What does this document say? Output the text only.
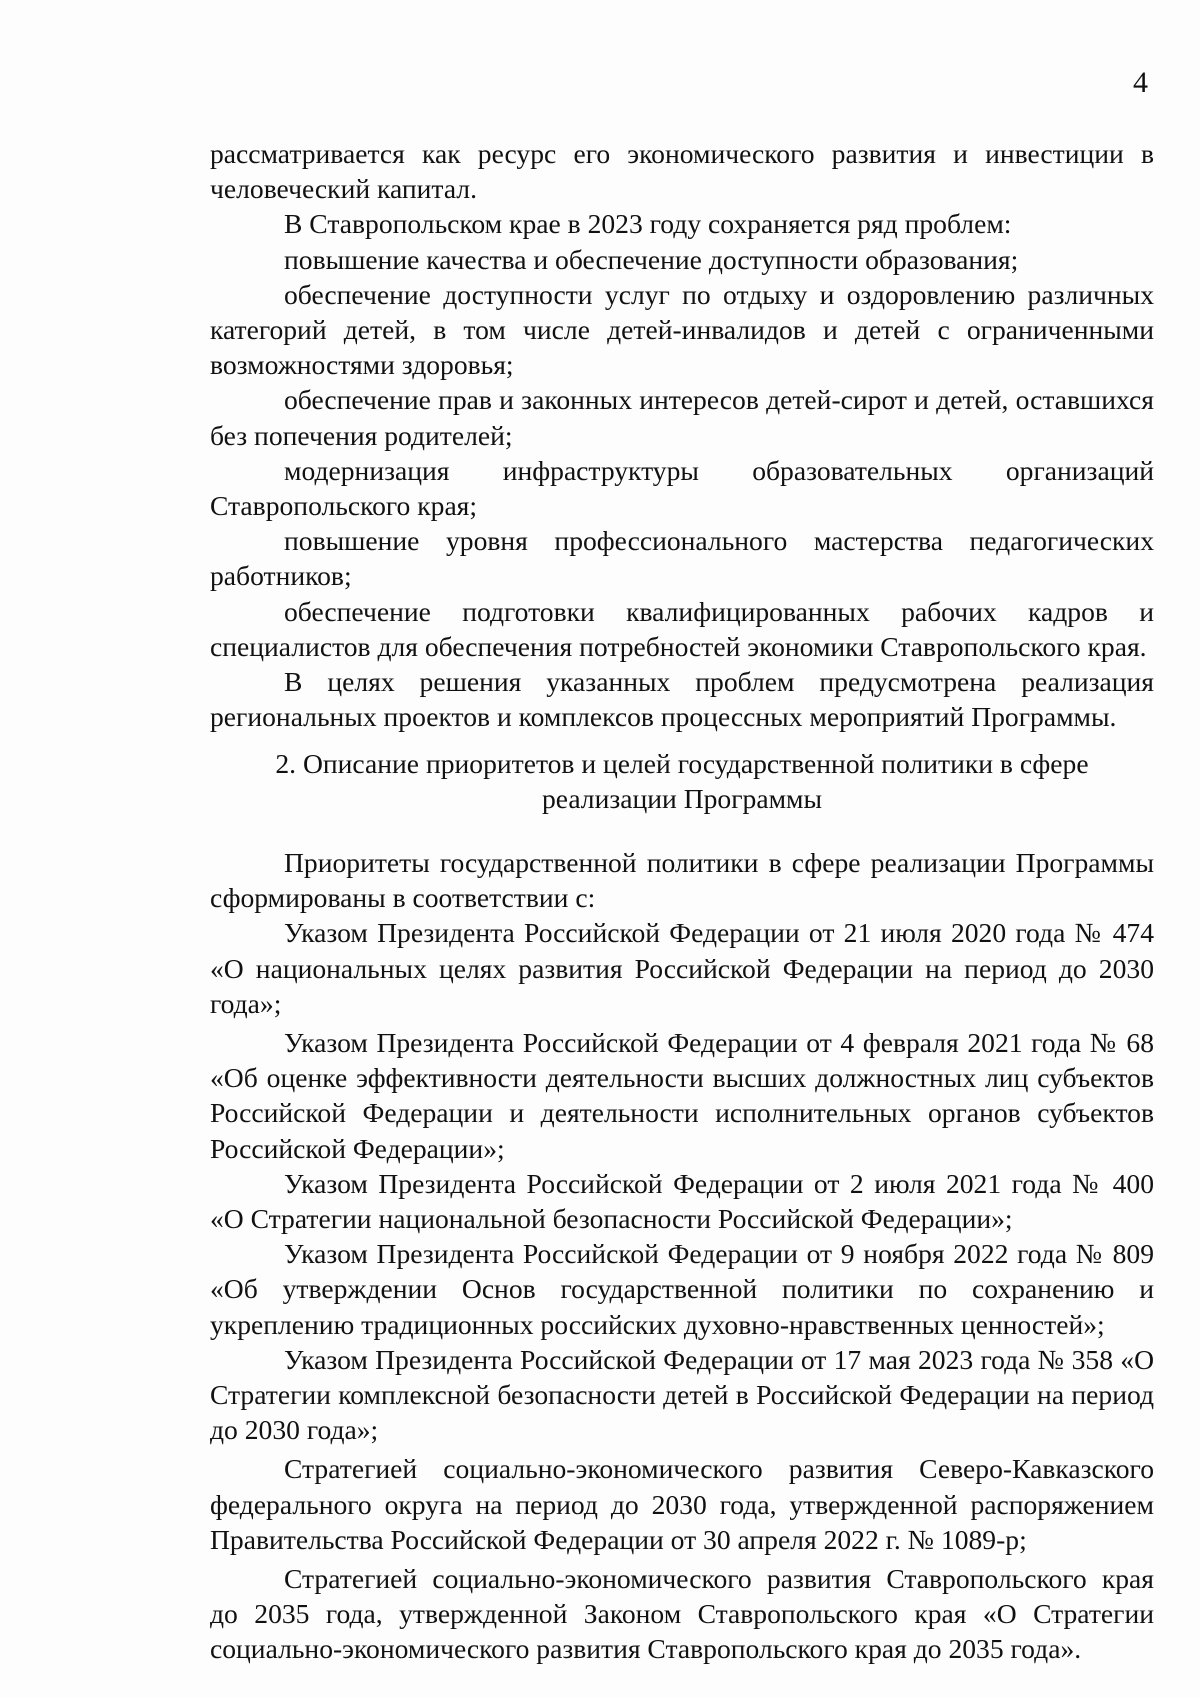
4

рассматривается как ресурс его экономического развития и инвестиции в человеческий капитал.

В Ставропольском крае в 2023 году сохраняется ряд проблем:

повышение качества и обеспечение доступности образования;

обеспечение доступности услуг по отдыху и оздоровлению различных категорий детей, в том числе детей-инвалидов и детей с ограниченными возможностями здоровья;

обеспечение прав и законных интересов детей-сирот и детей, оставшихся без попечения родителей;

модернизация инфраструктуры образовательных организаций Ставропольского края;

повышение уровня профессионального мастерства педагогических работников;

обеспечение подготовки квалифицированных рабочих кадров и специалистов для обеспечения потребностей экономики Ставропольского края.

В целях решения указанных проблем предусмотрена реализация региональных проектов и комплексов процессных мероприятий Программы.

2. Описание приоритетов и целей государственной политики в сфере
реализации Программы

Приоритеты государственной политики в сфере реализации Программы сформированы в соответствии с:

Указом Президента Российской Федерации от 21 июля 2020 года № 474 «О национальных целях развития Российской Федерации на период до 2030 года»;

Указом Президента Российской Федерации от 4 февраля 2021 года № 68 «Об оценке эффективности деятельности высших должностных лиц субъектов Российской Федерации и деятельности исполнительных органов субъектов Российской Федерации»;

Указом Президента Российской Федерации от 2 июля 2021 года № 400 «О Стратегии национальной безопасности Российской Федерации»;

Указом Президента Российской Федерации от 9 ноября 2022 года № 809 «Об утверждении Основ государственной политики по сохранению и укреплению традиционных российских духовно-нравственных ценностей»;

Указом Президента Российской Федерации от 17 мая 2023 года № 358 «О Стратегии комплексной безопасности детей в Российской Федерации на период до 2030 года»;

Стратегией социально-экономического развития Северо-Кавказского федерального округа на период до 2030 года, утвержденной распоряжением Правительства Российской Федерации от 30 апреля 2022 г. № 1089-р;

Стратегией социально-экономического развития Ставропольского края до 2035 года, утвержденной Законом Ставропольского края «О Стратегии социально-экономического развития Ставропольского края до 2035 года».
